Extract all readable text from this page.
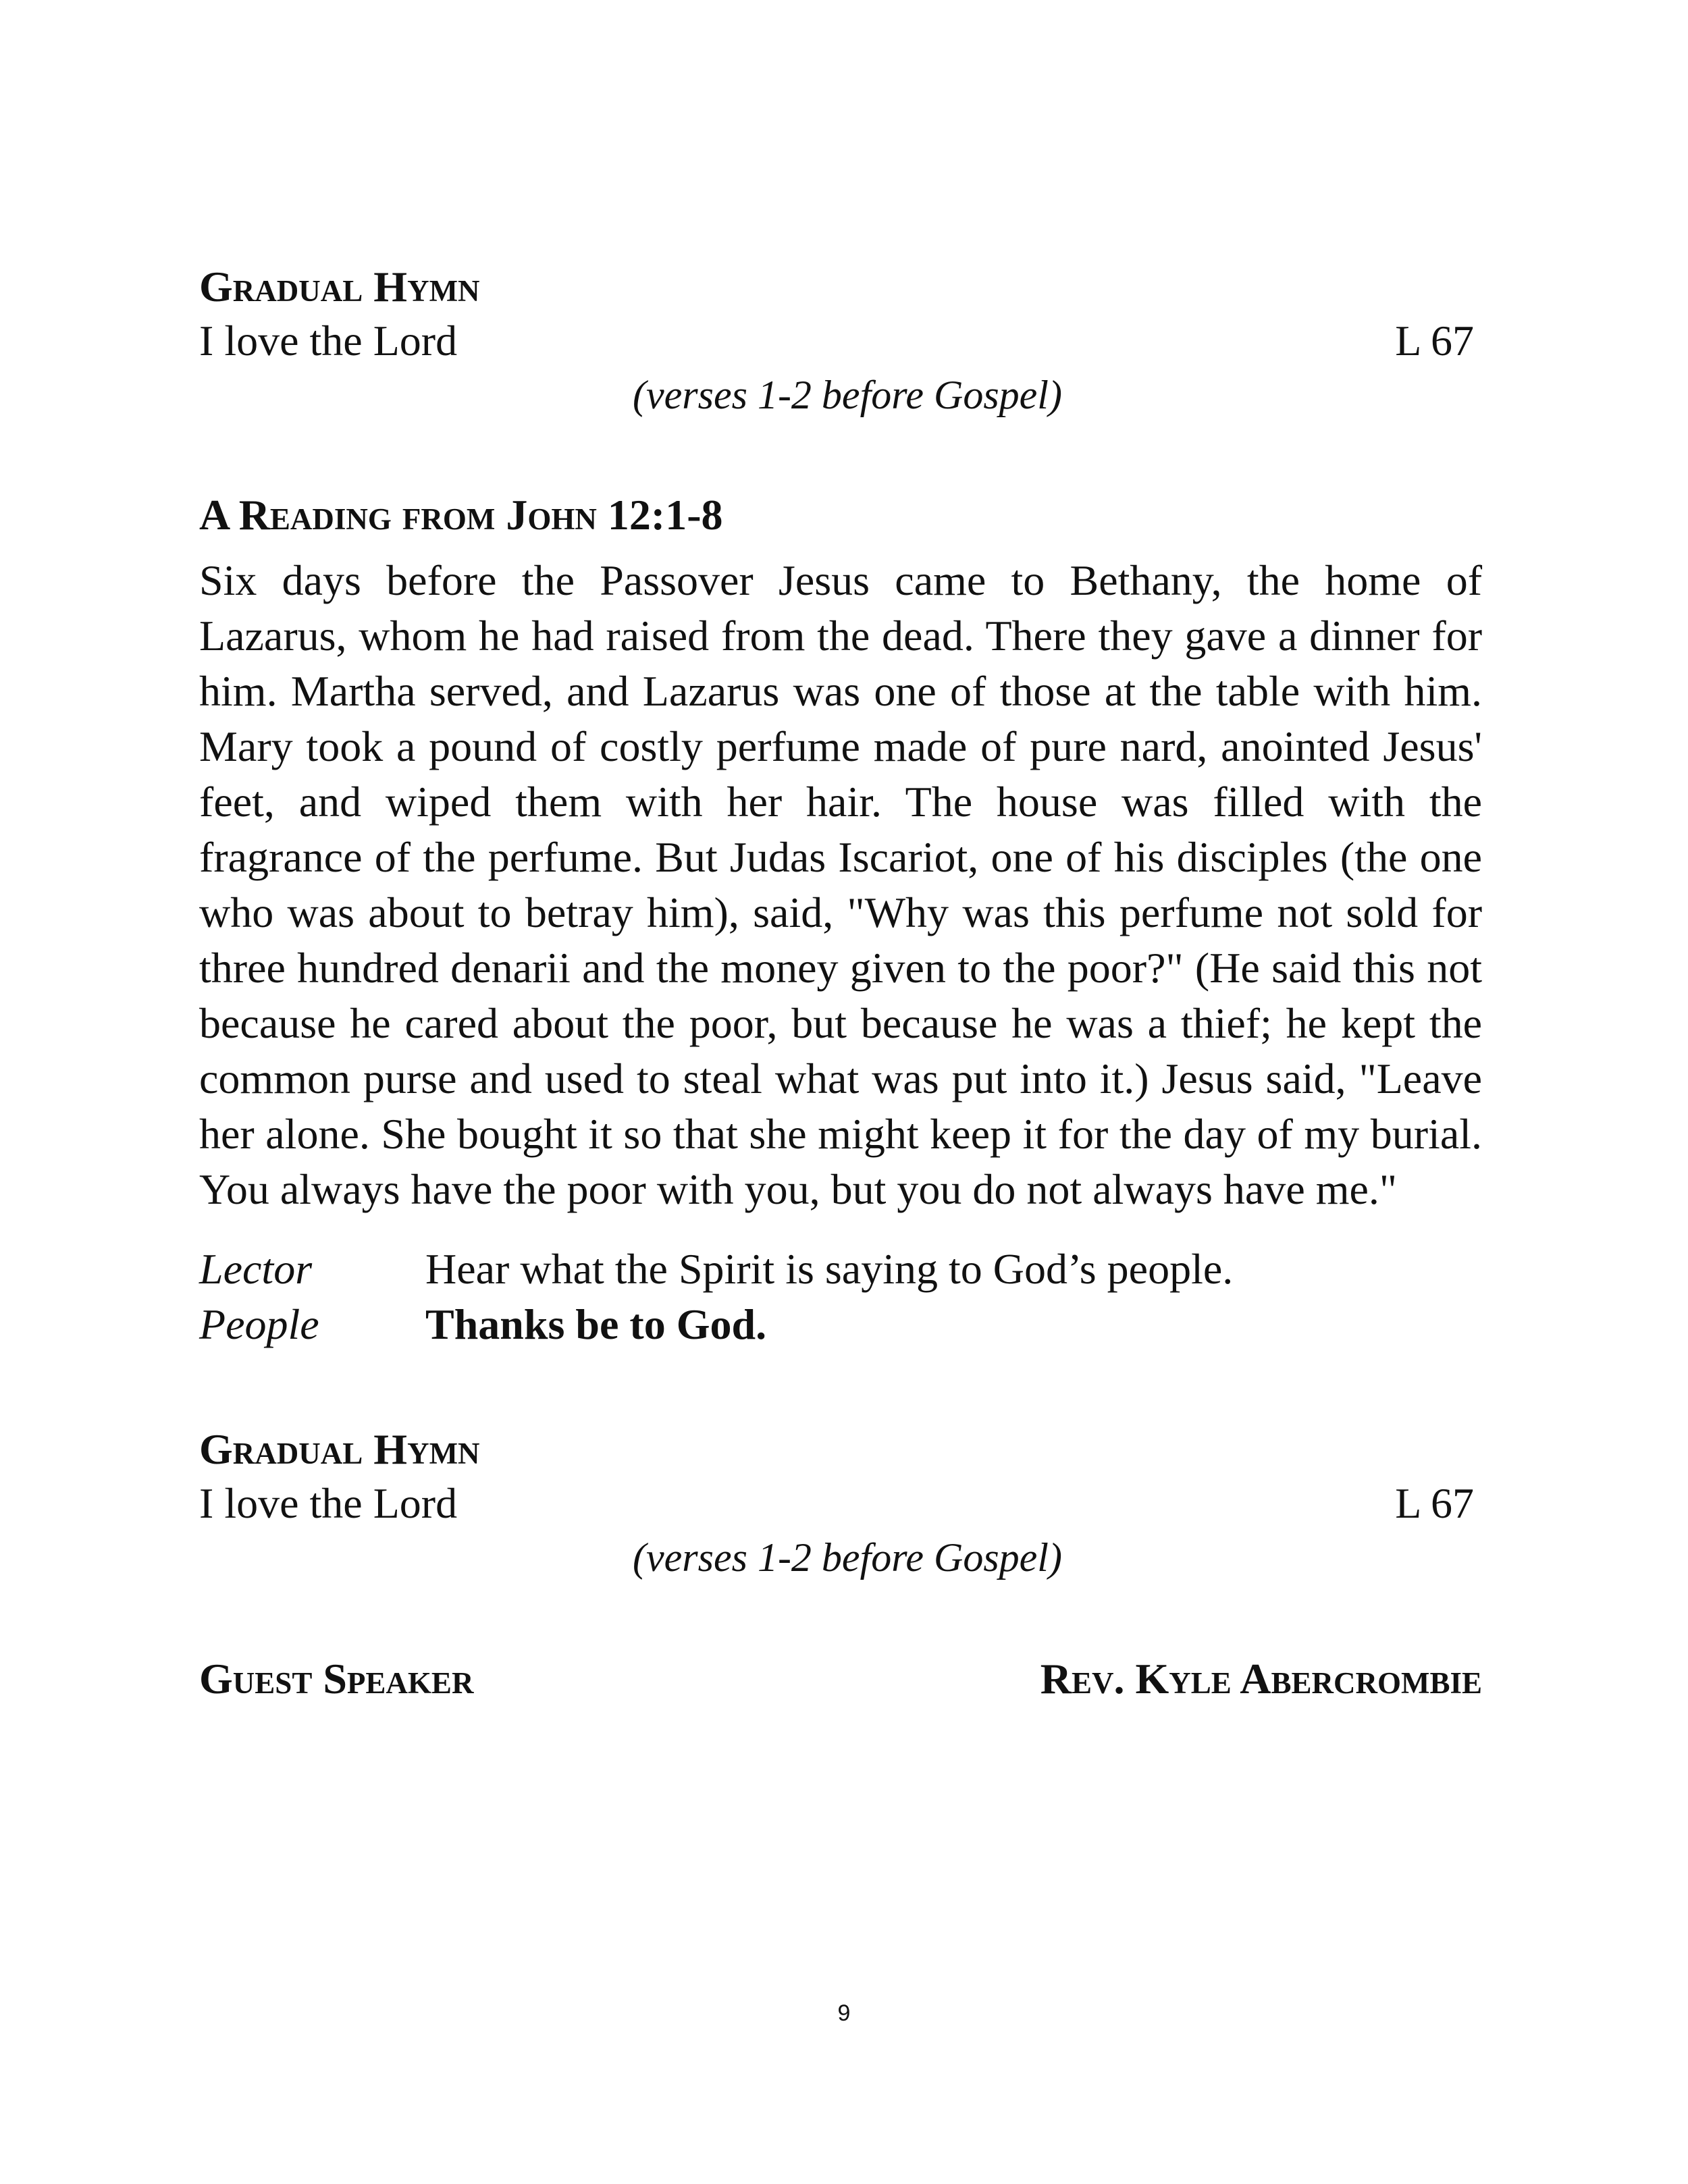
Gradual Hymn
I love the Lord	L 67
(verses 1-2 before Gospel)
A Reading from John 12:1-8

Six days before the Passover Jesus came to Bethany, the home of Lazarus, whom he had raised from the dead. There they gave a dinner for him. Martha served, and Lazarus was one of those at the table with him. Mary took a pound of costly perfume made of pure nard, anointed Jesus' feet, and wiped them with her hair. The house was filled with the fragrance of the perfume. But Judas Iscariot, one of his disciples (the one who was about to betray him), said, "Why was this perfume not sold for three hundred denarii and the money given to the poor?" (He said this not because he cared about the poor, but because he was a thief; he kept the common purse and used to steal what was put into it.) Jesus said, "Leave her alone. She bought it so that she might keep it for the day of my burial. You always have the poor with you, but you do not always have me."

Lector	Hear what the Spirit is saying to God’s people.
People	Thanks be to God.
Gradual Hymn
I love the Lord	L 67
(verses 1-2 before Gospel)
Guest Speaker	Rev. Kyle Abercrombie
9
